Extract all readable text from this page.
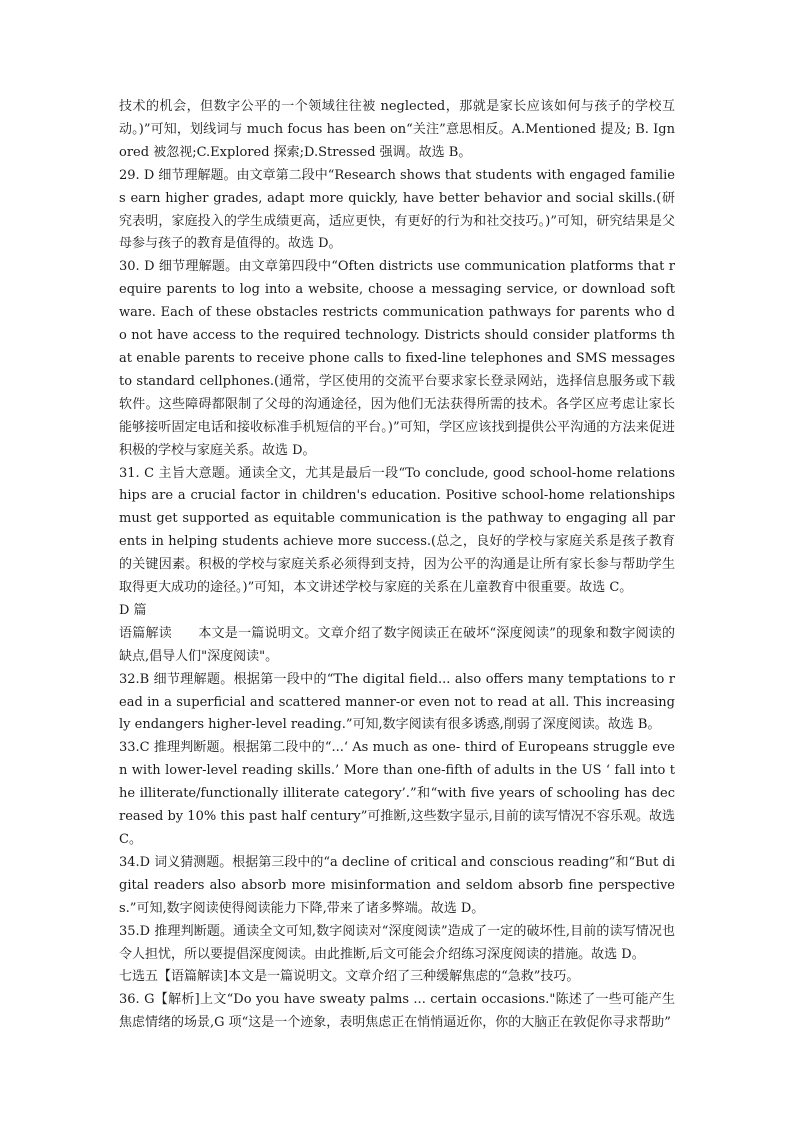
技术的机会，但数字公平的一个领域往往被 neglected，那就是家长应该如何与孩子的学校互动。)”可知，划线词与 much focus has been on“关注”意思相反。A.Mentioned 提及; B. Ignored 被忽视;C.Explored 探索;D.Stressed 强调。故选 B。

29. D 细节理解题。由文章第二段中“Research shows that students with engaged families earn higher grades, adapt more quickly, have better behavior and social skills.(研究表明，家庭投入的学生成绩更高，适应更快，有更好的行为和社交技巧。)”可知，研究结果是父母参与孩子的教育是值得的。故选 D。

30. D 细节理解题。由文章第四段中“Often districts use communication platforms that require parents to log into a website, choose a messaging service, or download software. Each of these obstacles restricts communication pathways for parents who do not have access to the required technology. Districts should consider platforms that enable parents to receive phone calls to fixed-line telephones and SMS messages to standard cellphones.(通常，学区使用的交流平台要求家长登录网站，选择信息服务或下载软件。这些障碍都限制了父母的沟通途径，因为他们无法获得所需的技术。各学区应考虑让家长能够接听固定电话和接收标准手机短信的平台。)”可知，学区应该找到提供公平沟通的方法来促进积极的学校与家庭关系。故选 D。

31. C 主旨大意题。通读全文，尤其是最后一段“To conclude, good school-home relationships are a crucial factor in children's education. Positive school-home relationships must get supported as equitable communication is the pathway to engaging all parents in helping students achieve more success.(总之，良好的学校与家庭关系是孩子教育的关键因素。积极的学校与家庭关系必须得到支持，因为公平的沟通是让所有家长参与帮助学生取得更大成功的途径。)”可知，本文讲述学校与家庭的关系在儿童教育中很重要。故选 C。

D 篇

语篇解读　　本文是一篇说明文。文章介绍了数字阅读正在破坏“深度阅读”的现象和数字阅读的缺点,倡导人们"深度阅读"。

32.B 细节理解题。根据第一段中的“The digital field... also offers many temptations to read in a superficial and scattered manner-or even not to read at all. This increasingly endangers higher-level reading.”可知,数字阅读有很多诱惑,削弱了深度阅读。故选 B。

33.C 推理判断题。根据第二段中的“...‘ As much as one- third of Europeans struggle even with lower-level reading skills.’ More than one-fifth of adults in the US ‘ fall into the illiterate/functionally illiterate category’.”和“with five years of schooling has decreased by 10% this past half century”可推断,这些数字显示,目前的读写情况不容乐观。故选 C。

34.D 词义猜测题。根据第三段中的“a decline of critical and conscious reading”和“But digital readers also absorb more misinformation and seldom absorb fine perspectives.”可知,数字阅读使得阅读能力下降,带来了诸多弊端。故选 D。

35.D 推理判断题。通读全文可知,数字阅读对“深度阅读”造成了一定的破坏性,目前的读写情况也令人担忧，所以要提倡深度阅读。由此推断,后文可能会介绍练习深度阅读的措施。故选 D。

七选五【语篇解读]本文是一篇说明文。文章介绍了三种缓解焦虑的“急救”技巧。

36. G【解析]上文“Do you have sweaty palms ... certain occasions."陈述了一些可能产生焦虑情绪的场景,G 项“这是一个迹象，表明焦虑正在悄悄逼近你，你的大脑正在敦促你寻求帮助”
